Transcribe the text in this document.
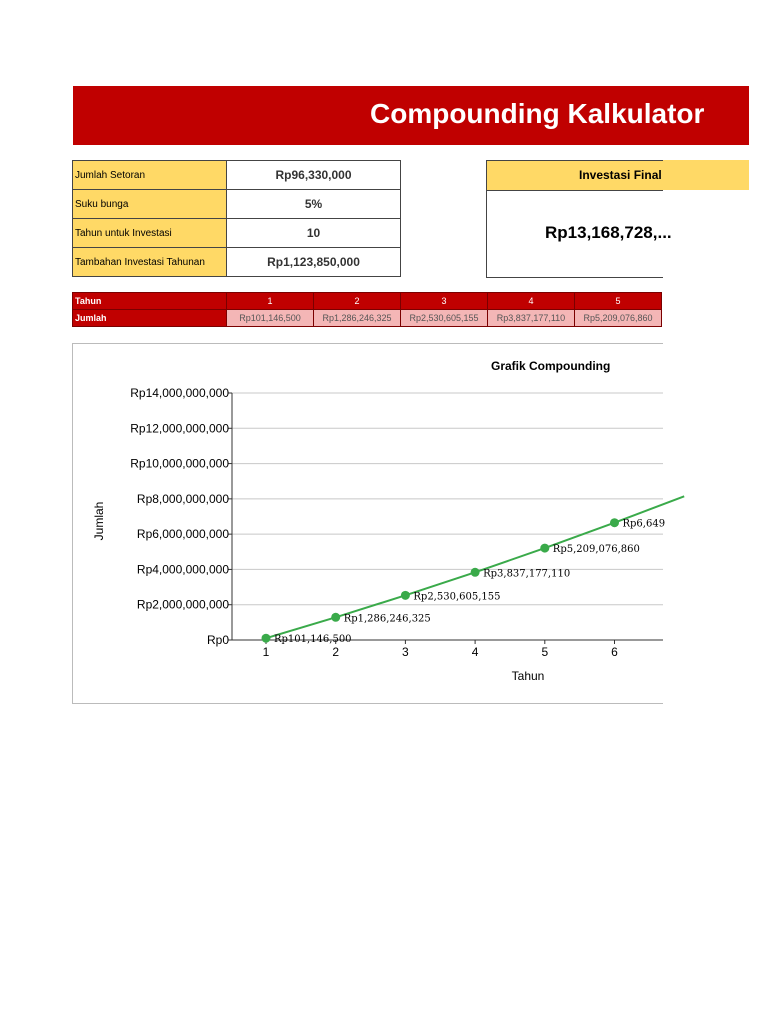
Compounding Kalkulator
Jumlah Setoran	Rp96,330,000
Suku bunga	5%
Tahun untuk Investasi	10
Tambahan Investasi Tahunan	Rp1,123,850,000
Investasi Final
Rp13,168,728,...
Tahun	1	2	3	4	5
Jumlah	Rp101,146,500	Rp1,286,246,325	Rp2,530,605,155	Rp3,837,177,110	Rp5,209,076,860
Grafik Compounding
Rp0
Rp2,000,000,000
Rp4,000,000,000
Rp6,000,000,000
Rp8,000,000,000
Rp10,000,000,000
Rp12,000,000,000
Rp14,000,000,000
1	2	3	4	5	6
Tahun
Jumlah
Rp101,146,500
Rp1,286,246,325
Rp2,530,605,155
Rp3,837,177,110
Rp5,209,076,860
Rp6,649
